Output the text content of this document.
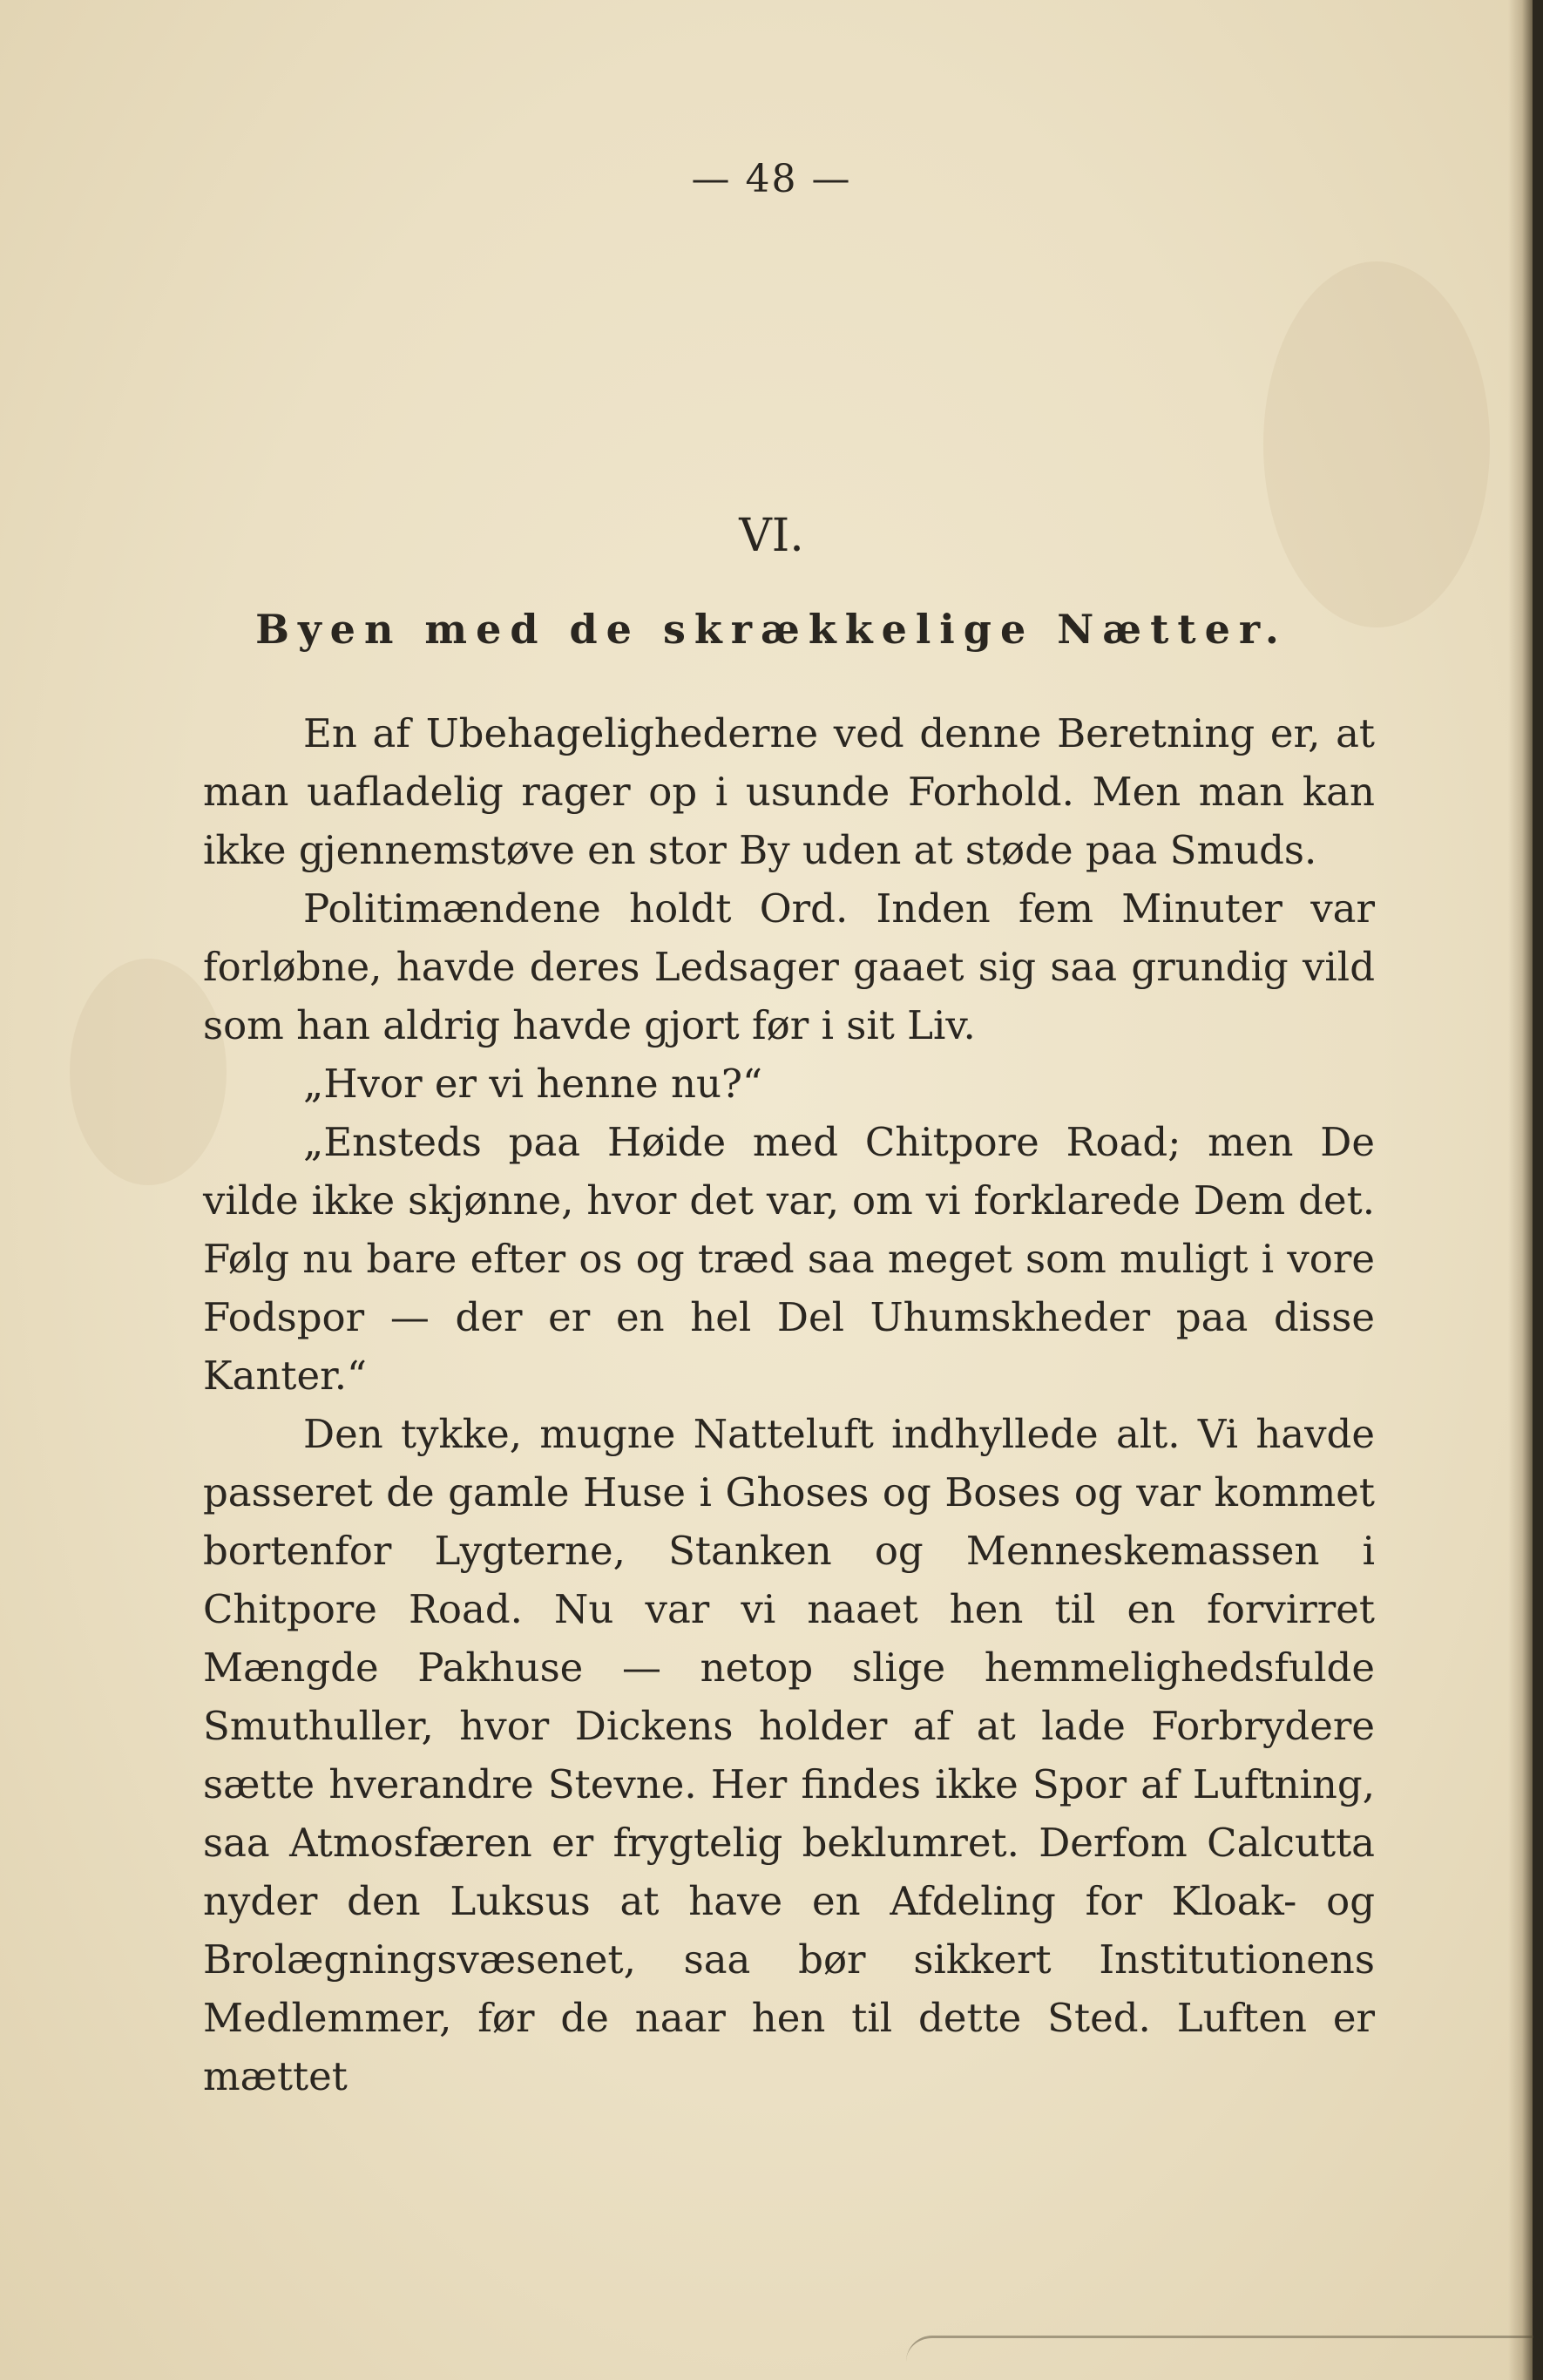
— 48 —
VI.
Byen med de skrækkelige Nætter.

En af Ubehagelighederne ved denne Beretning er, at man uafladelig rager op i usunde Forhold. Men man kan ikke gjennemstøve en stor By uden at støde paa Smuds.

Politimændene holdt Ord. Inden fem Minuter var forløbne, havde deres Ledsager gaaet sig saa grundig vild som han aldrig havde gjort før i sit Liv.

„Hvor er vi henne nu?“

„Ensteds paa Høide med Chitpore Road; men De vilde ikke skjønne, hvor det var, om vi forklarede Dem det. Følg nu bare efter os og træd saa meget som muligt i vore Fodspor — der er en hel Del Uhumskheder paa disse Kanter.“

Den tykke, mugne Natteluft indhyllede alt. Vi havde passeret de gamle Huse i Ghoses og Boses og var kommet bortenfor Lygterne, Stanken og Menneskemassen i Chitpore Road. Nu var vi naaet hen til en forvirret Mængde Pakhuse — netop slige hemmelighedsfulde Smuthuller, hvor Dickens holder af at lade Forbrydere sætte hverandre Stevne. Her findes ikke Spor af Luftning, saa Atmosfæren er frygtelig beklumret. Derfom Calcutta nyder den Luksus at have en Afdeling for Kloak- og Brolægningsvæsenet, saa bør sikkert Institutionens Medlemmer, før de naar hen til dette Sted. Luften er mættet
